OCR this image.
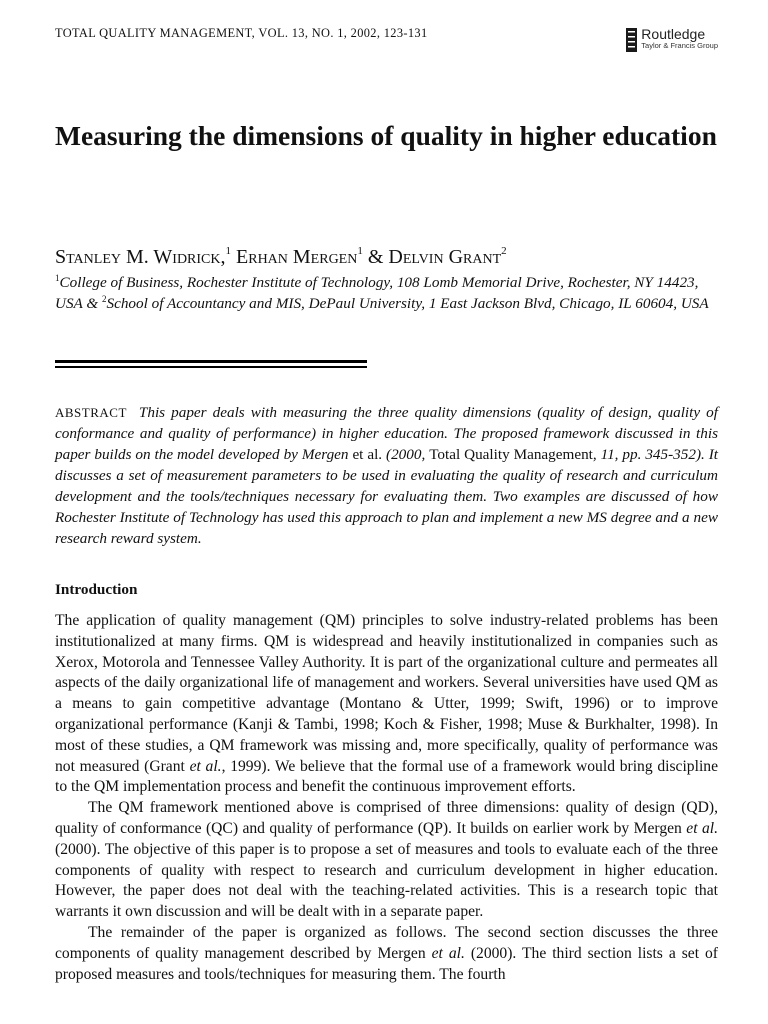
TOTAL QUALITY MANAGEMENT, VOL. 13, NO. 1, 2002, 123-131	Routledge
Taylor & Francis Group
Measuring the dimensions of quality in higher education
Stanley M. Widrick,$^1$ Erhan Mergen$^1$ & Delvin Grant$^2$
$^1$College of Business, Rochester Institute of Technology, 108 Lomb Memorial Drive, Rochester, NY 14423, USA & $^2$School of Accountancy and MIS, DePaul University, 1 East Jackson Blvd, Chicago, IL 60604, USA

ABSTRACT This paper deals with measuring the three quality dimensions (quality of design, quality of conformance and quality of performance) in higher education. The proposed framework discussed in this paper builds on the model developed by Mergen et al. (2000, Total Quality Management, 11, pp. 345-352). It discusses a set of measurement parameters to be used in evaluating the quality of research and curriculum development and the tools/techniques necessary for evaluating them. Two examples are discussed of how Rochester Institute of Technology has used this approach to plan and implement a new MS degree and a new research reward system.

Introduction

The application of quality management (QM) principles to solve industry-related problems has been institutionalized at many firms. QM is widespread and heavily institutionalized in companies such as Xerox, Motorola and Tennessee Valley Authority. It is part of the organizational culture and permeates all aspects of the daily organizational life of management and workers. Several universities have used QM as a means to gain competitive advantage (Montano & Utter, 1999; Swift, 1996) or to improve organizational performance (Kanji & Tambi, 1998; Koch & Fisher, 1998; Muse & Burkhalter, 1998). In most of these studies, a QM framework was missing and, more specifically, quality of performance was not measured (Grant et al., 1999). We believe that the formal use of a framework would bring discipline to the QM implementation process and benefit the continuous improvement efforts.

The QM framework mentioned above is comprised of three dimensions: quality of design (QD), quality of conformance (QC) and quality of performance (QP). It builds on earlier work by Mergen et al. (2000). The objective of this paper is to propose a set of measures and tools to evaluate each of the three components of quality with respect to research and curriculum development in higher education. However, the paper does not deal with the teaching-related activities. This is a research topic that warrants it own discussion and will be dealt with in a separate paper.

The remainder of the paper is organized as follows. The second section discusses the three components of quality management described by Mergen et al. (2000). The third section lists a set of proposed measures and tools/techniques for measuring them. The fourth
